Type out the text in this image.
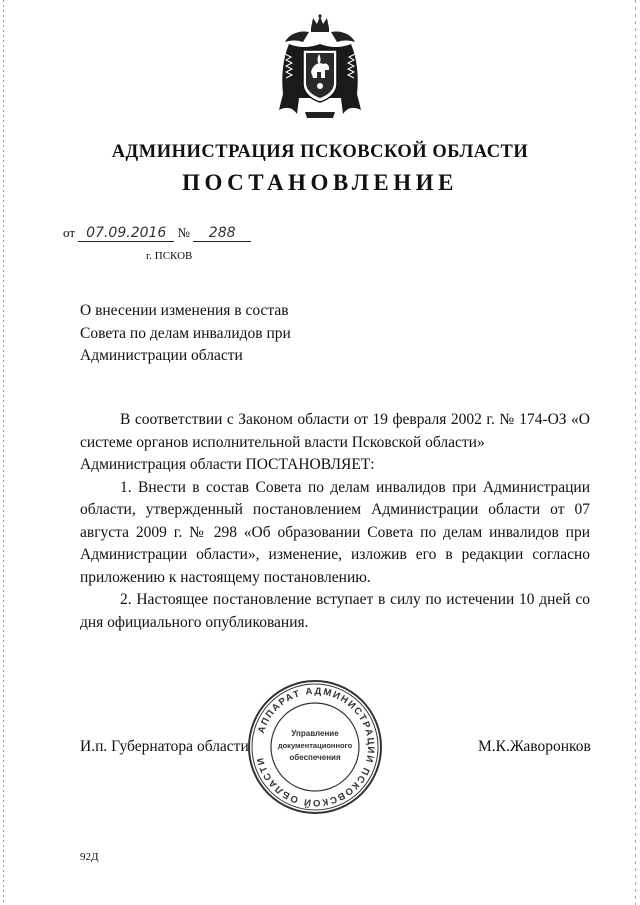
АДМИНИСТРАЦИЯ ПСКОВСКОЙ ОБЛАСТИ
ПОСТАНОВЛЕНИЕ
от 07.09.2016 № 288
г. ПСКОВ
О внесении изменения в состав
Совета по делам инвалидов при
Администрации области

В соответствии с Законом области от 19 февраля 2002 г. № 174-ОЗ «О системе органов исполнительной власти Псковской области»

Администрация области ПОСТАНОВЛЯЕТ:

1. Внести в состав Совета по делам инвалидов при Администрации области, утвержденный постановлением Администрации области от 07 августа 2009 г. № 298 «Об образовании Совета по делам инвалидов при Администрации области», изменение, изложив его в редакции согласно приложению к настоящему постановлению.

2. Настоящее постановление вступает в силу по истечении 10 дней со дня официального опубликования.

И.п. Губернатора области	М.К.Жаворонков
АППАРАТ АДМИНИСТРАЦИИ ПСКОВСКОЙ ОБЛАСТИ
Управление
документационного
обеспечения
92Д
